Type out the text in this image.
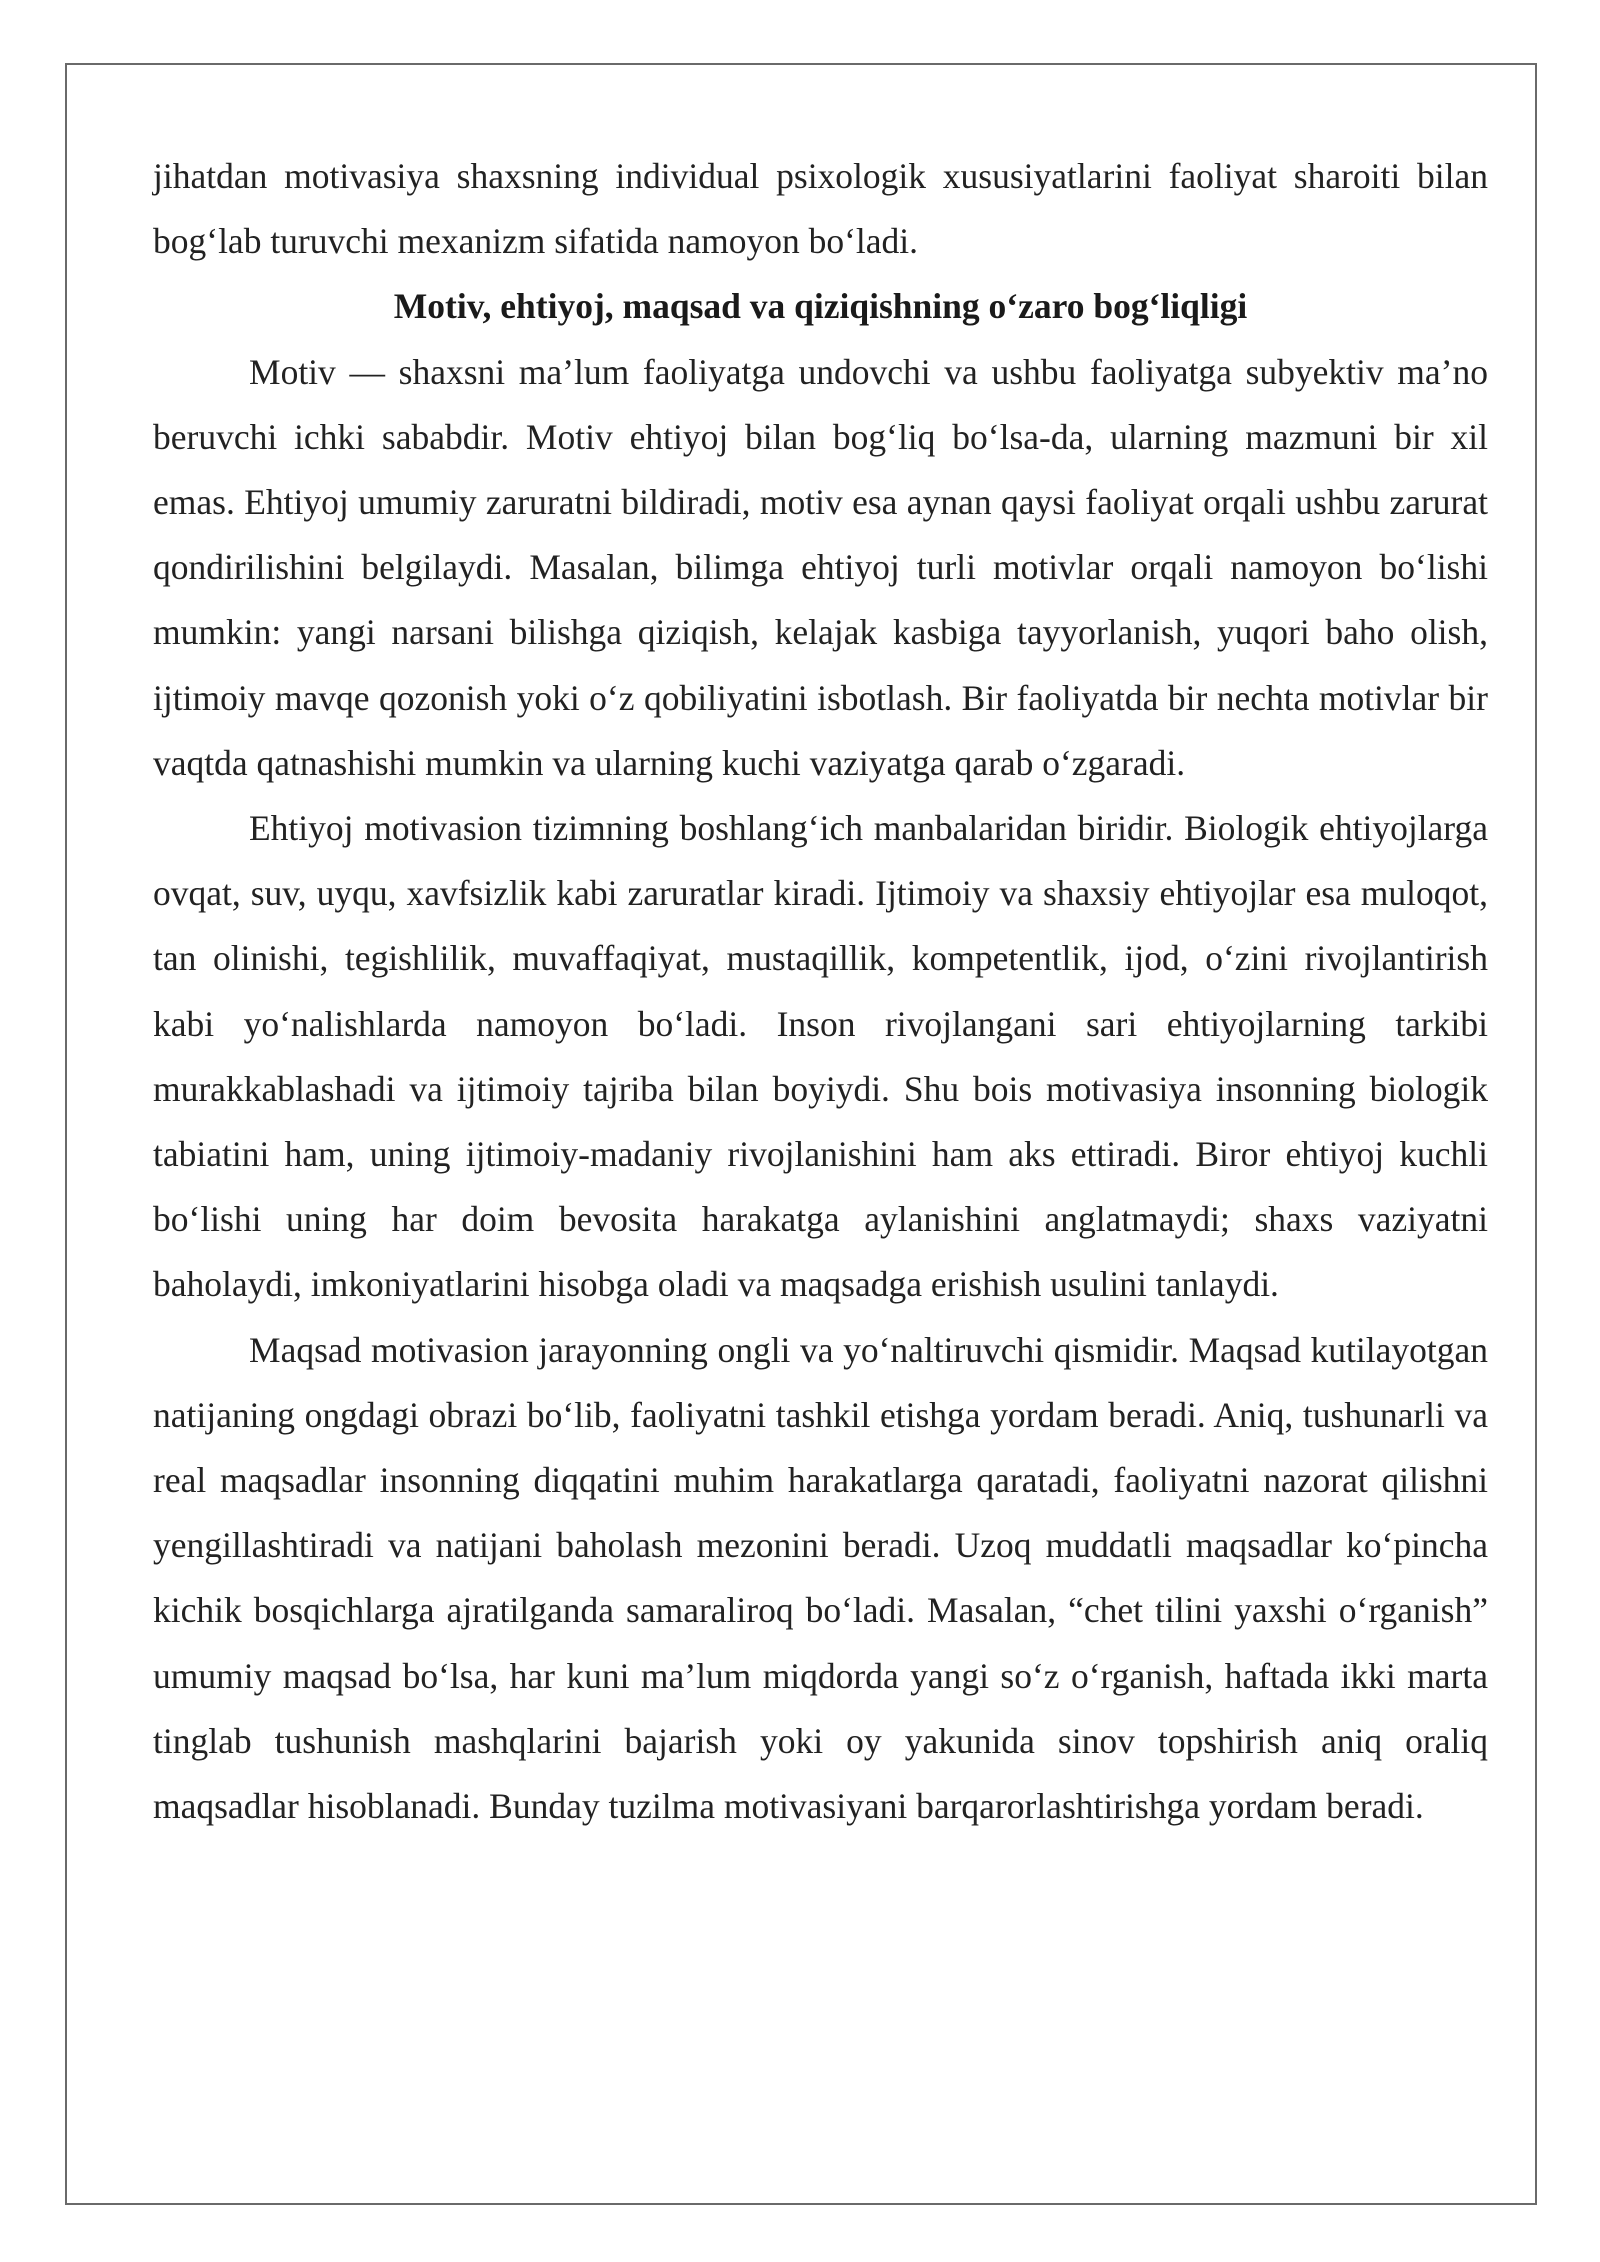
jihatdan motivasiya shaxsning individual psixologik xususiyatlarini faoliyat sharoiti bilan bog‘lab turuvchi mexanizm sifatida namoyon bo‘ladi.

Motiv, ehtiyoj, maqsad va qiziqishning o‘zaro bog‘liqligi

Motiv — shaxsni ma’lum faoliyatga undovchi va ushbu faoliyatga subyektiv ma’no beruvchi ichki sababdir. Motiv ehtiyoj bilan bog‘liq bo‘lsa-da, ularning mazmuni bir xil emas. Ehtiyoj umumiy zaruratni bildiradi, motiv esa aynan qaysi faoliyat orqali ushbu zarurat qondirilishini belgilaydi. Masalan, bilimga ehtiyoj turli motivlar orqali namoyon bo‘lishi mumkin: yangi narsani bilishga qiziqish, kelajak kasbiga tayyorlanish, yuqori baho olish, ijtimoiy mavqe qozonish yoki o‘z qobiliyatini isbotlash. Bir faoliyatda bir nechta motivlar bir vaqtda qatnashishi mumkin va ularning kuchi vaziyatga qarab o‘zgaradi.

Ehtiyoj motivasion tizimning boshlang‘ich manbalaridan biridir. Biologik ehtiyojlarga ovqat, suv, uyqu, xavfsizlik kabi zaruratlar kiradi. Ijtimoiy va shaxsiy ehtiyojlar esa muloqot, tan olinishi, tegishlilik, muvaffaqiyat, mustaqillik, kompetentlik, ijod, o‘zini rivojlantirish kabi yo‘nalishlarda namoyon bo‘ladi. Inson rivojlangani sari ehtiyojlarning tarkibi murakkablashadi va ijtimoiy tajriba bilan boyiydi. Shu bois motivasiya insonning biologik tabiatini ham, uning ijtimoiy-madaniy rivojlanishini ham aks ettiradi. Biror ehtiyoj kuchli bo‘lishi uning har doim bevosita harakatga aylanishini anglatmaydi; shaxs vaziyatni baholaydi, imkoniyatlarini hisobga oladi va maqsadga erishish usulini tanlaydi.

Maqsad motivasion jarayonning ongli va yo‘naltiruvchi qismidir. Maqsad kutilayotgan natijaning ongdagi obrazi bo‘lib, faoliyatni tashkil etishga yordam beradi. Aniq, tushunarli va real maqsadlar insonning diqqatini muhim harakatlarga qaratadi, faoliyatni nazorat qilishni yengillashtiradi va natijani baholash mezonini beradi. Uzoq muddatli maqsadlar ko‘pincha kichik bosqichlarga ajratilganda samaraliroq bo‘ladi. Masalan, “chet tilini yaxshi o‘rganish” umumiy maqsad bo‘lsa, har kuni ma’lum miqdorda yangi so‘z o‘rganish, haftada ikki marta tinglab tushunish mashqlarini bajarish yoki oy yakunida sinov topshirish aniq oraliq maqsadlar hisoblanadi. Bunday tuzilma motivasiyani barqarorlashtirishga yordam beradi.
